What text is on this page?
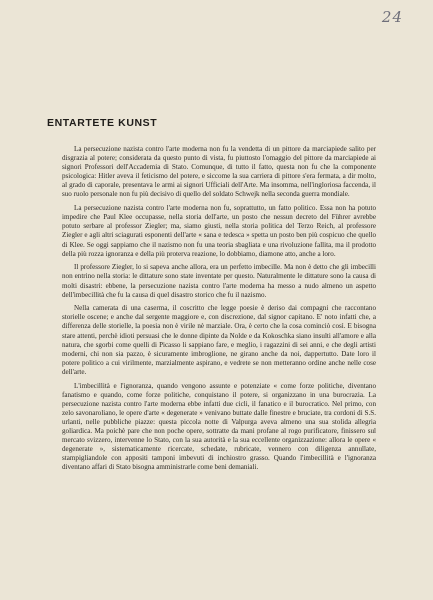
24
ENTARTETE KUNST

La persecuzione nazista contro l'arte moderna non fu la vendetta di un pittore da marciapiede salito per disgrazia al potere; considerata da questo punto di vista, fu piuttosto l'omaggio del pittore da marciapiede ai signori Professori dell'Accademia di Stato. Comunque, di tutto il fatto, questa non fu che la componente psicologica: Hitler aveva il feticismo del potere, e siccome la sua carriera di pittore s'era fermata, a dir molto, al grado di caporale, presentava le armi ai signori Ufficiali dell'Arte. Ma insomma, nell'ingloriosa faccenda, il suo ruolo personale non fu più decisivo di quello del soldato Schwejk nella seconda guerra mondiale.

La persecuzione nazista contro l'arte moderna non fu, soprattutto, un fatto politico. Essa non ha potuto impedire che Paul Klee occupasse, nella storia dell'arte, un posto che nessun decreto del Führer avrebbe potuto serbare al professor Ziegler; ma, siamo giusti, nella storia politica del Terzo Reich, al professore Ziegler e agli altri sciagurati esponenti dell'arte « sana e tedesca » spetta un posto ben più cospicuo che quello di Klee. Se oggi sappiamo che il nazismo non fu una teoria sbagliata e una rivoluzione fallita, ma il prodotto della più rozza ignoranza e della più proterva reazione, lo dobbiamo, diamone atto, anche a loro.

Il professore Ziegler, lo si sapeva anche allora, era un perfetto imbecille. Ma non è detto che gli imbecilli non entrino nella storia: le dittature sono state inventate per questo. Naturalmente le dittature sono la causa di molti disastri: ebbene, la persecuzione nazista contro l'arte moderna ha messo a nudo almeno un aspetto dell'imbecillità che fu la causa di quel disastro storico che fu il nazismo.

Nella camerata di una caserma, il coscritto che legge poesie è deriso dai compagni che raccontano storielle oscene; e anche dal sergente maggiore e, con discrezione, dal signor capitano. E' noto infatti che, a differenza delle storielle, la poesia non è virile nè marziale. Ora, è certo che la cosa cominciò così. E bisogna stare attenti, perchè idioti persuasi che le donne dipinte da Nolde e da Kokoschka siano insulti all'amore e alla natura, che sgorbi come quelli di Picasso li sappiano fare, e meglio, i ragazzini di sei anni, e che degli artisti moderni, chi non sia pazzo, è sicuramente imbroglione, ne girano anche da noi, dappertutto. Date loro il potere politico a cui virilmente, marzialmente aspirano, e vedrete se non metteranno ordine anche nelle cose dell'arte.

L'imbecillità e l'ignoranza, quando vengono assunte e potenziate « come forze politiche, diventano fanatismo e quando, come forze politiche, conquistano il potere, si organizzano in una burocrazia. La persecuzione nazista contro l'arte moderna ebbe infatti due cicli, il fanatico e il burocratico. Nel primo, con zelo savonaroliano, le opere d'arte « degenerate » venivano buttate dalle finestre e bruciate, tra cordoni di S.S. urlanti, nelle pubbliche piazze: questa piccola notte di Valpurga aveva almeno una sua stolida allegria goliardica. Ma poichè pare che non poche opere, sottratte da mani profane al rogo purificatore, finissero sul mercato svizzero, intervenne lo Stato, con la sua autorità e la sua eccellente organizzazione: allora le opere « degenerate », sistematicamente ricercate, schedate, rubricate, vennero con diligenza annullate, stampigliandole con appositi tamponi imbevuti di inchiostro grasso. Quando l'imbecillità e l'ignoranza diventano affari di Stato bisogna amministrarle come beni demaniali.
